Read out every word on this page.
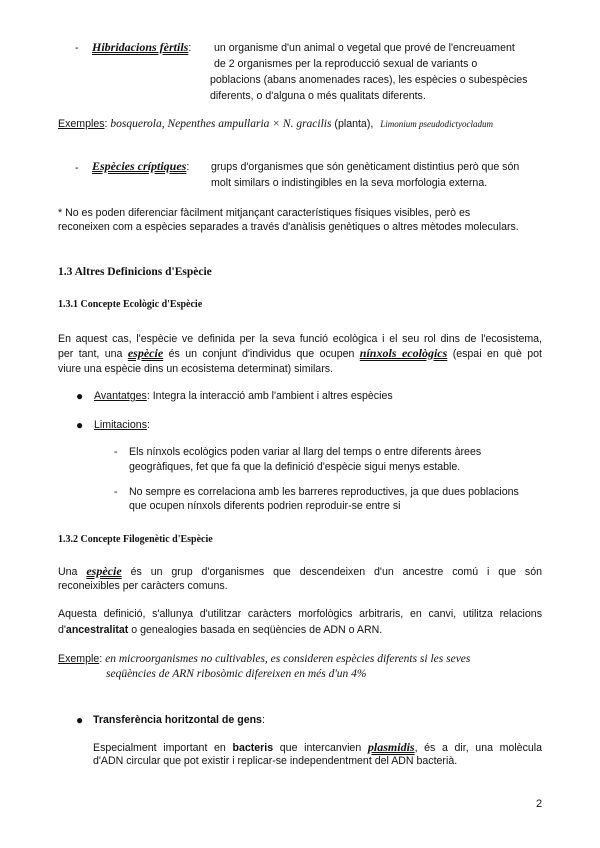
- Hibridacions fèrtils: un organisme d'un animal o vegetal que prové de l'encreuament
de 2 organismes per la reproducció sexual de variants o
poblacions (abans anomenades races), les espècies o subespècies
diferents, o d'alguna o més qualitats diferents.
Exemples: bosquerola, Nepenthes ampullaria × N. gracilis (planta), Limonium pseudodictyocladum
- Espècies críptiques: grups d'organismes que són genèticament distintius però que són
molt similars o indistingibles en la seva morfologia externa.
* No es poden diferenciar fàcilment mitjançant característiques físiques visibles, però es
reconeixen com a espècies separades a través d'anàlisis genètiques o altres mètodes moleculars.
1.3 Altres Definicions d'Espècie
1.3.1 Concepte Ecològic d'Espècie
En aquest cas, l'espècie ve definida per la seva funció ecològica i el seu rol dins de l'ecosistema,
per tant, una espècie és un conjunt d'individus que ocupen nínxols ecològics (espai en què pot
viure una espècie dins un ecosistema determinat) similars.
● Avantatges: Integra la interacció amb l'ambient i altres espècies
● Limitacions:
- Els nínxols ecològics poden variar al llarg del temps o entre diferents àrees
geogràfiques, fet que fa que la definició d'espècie sigui menys estable.
- No sempre es correlaciona amb les barreres reproductives, ja que dues poblacions
que ocupen nínxols diferents podrien reproduir-se entre si
1.3.2 Concepte Filogenètic d'Espècie
Una espècie és un grup d'organismes que descendeixen d'un ancestre comú i que són
reconeixibles per caràcters comuns.
Aquesta definició, s'allunya d'utilitzar caràcters morfològics arbitraris, en canvi, utilitza relacions
d'ancestralitat o genealogies basada en seqüències de ADN o ARN.
Exemple: en microorganismes no cultivables, es consideren espècies diferents si les seves
seqüències de ARN ribosòmic difereixen en més d'un 4%
● Transferència horitzontal de gens:
Especialment important en bacteris que intercanvien plasmidis, és a dir, una molècula
d'ADN circular que pot existir i replicar-se independentment del ADN bacterià.
2
